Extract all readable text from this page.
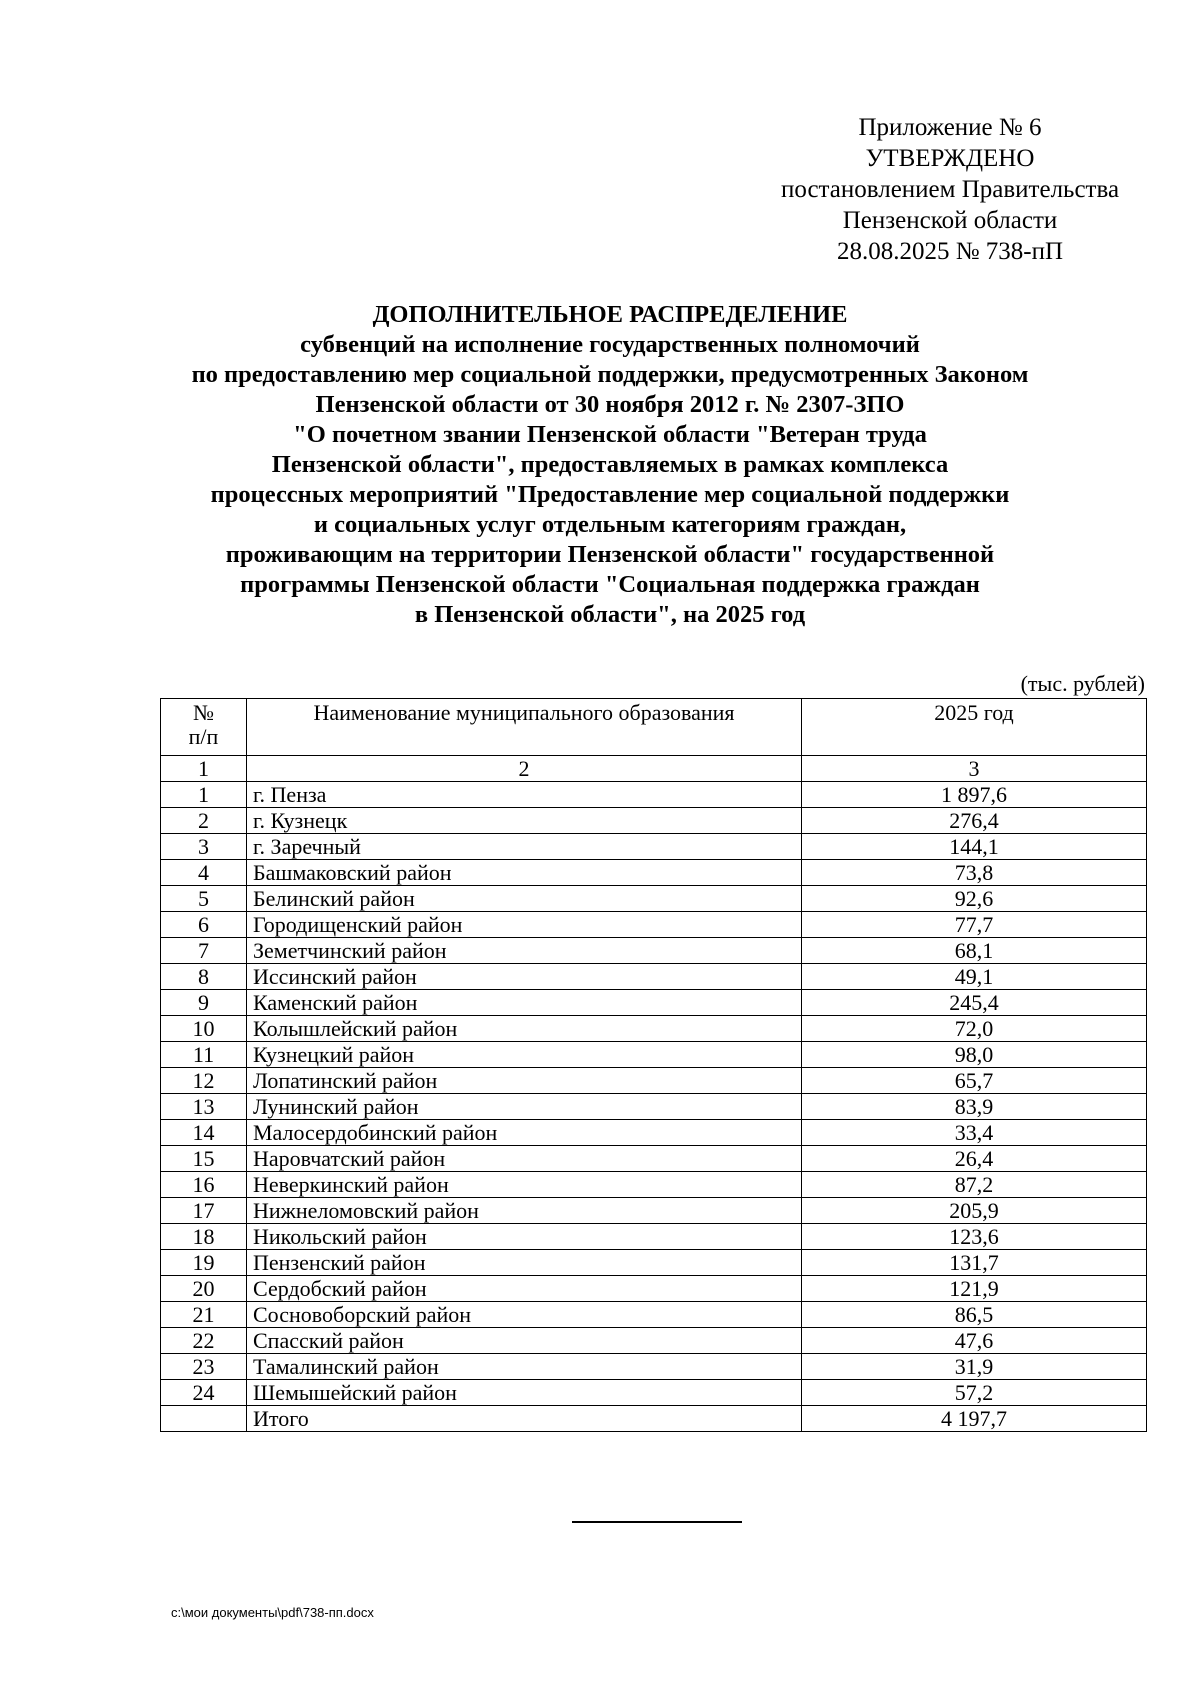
Приложение № 6
УТВЕРЖДЕНО
постановлением Правительства
Пензенской области
28.08.2025 № 738-пП
ДОПОЛНИТЕЛЬНОЕ РАСПРЕДЕЛЕНИЕ
субвенций на исполнение государственных полномочий
по предоставлению мер социальной поддержки, предусмотренных Законом
Пензенской области от 30 ноября 2012 г. № 2307-ЗПО
"О почетном звании Пензенской области "Ветеран труда
Пензенской области", предоставляемых в рамках комплекса
процессных мероприятий "Предоставление мер социальной поддержки
и социальных услуг отдельным категориям граждан,
проживающим на территории Пензенской области" государственной
программы Пензенской области "Социальная поддержка граждан
в Пензенской области", на 2025 год
(тыс. рублей)
№
п/п	Наименование муниципального образования	2025 год
1	2	3
1	г. Пенза	1 897,6
2	г. Кузнецк	276,4
3	г. Заречный	144,1
4	Башмаковский район	73,8
5	Белинский район	92,6
6	Городищенский район	77,7
7	Земетчинский район	68,1
8	Иссинский район	49,1
9	Каменский район	245,4
10	Колышлейский район	72,0
11	Кузнецкий район	98,0
12	Лопатинский район	65,7
13	Лунинский район	83,9
14	Малосердобинский район	33,4
15	Наровчатский район	26,4
16	Неверкинский район	87,2
17	Нижнеломовский район	205,9
18	Никольский район	123,6
19	Пензенский район	131,7
20	Сердобский район	121,9
21	Сосновоборский район	86,5
22	Спасский район	47,6
23	Тамалинский район	31,9
24	Шемышейский район	57,2
	Итого	4 197,7
c:\мои документы\pdf\738-пп.docx
